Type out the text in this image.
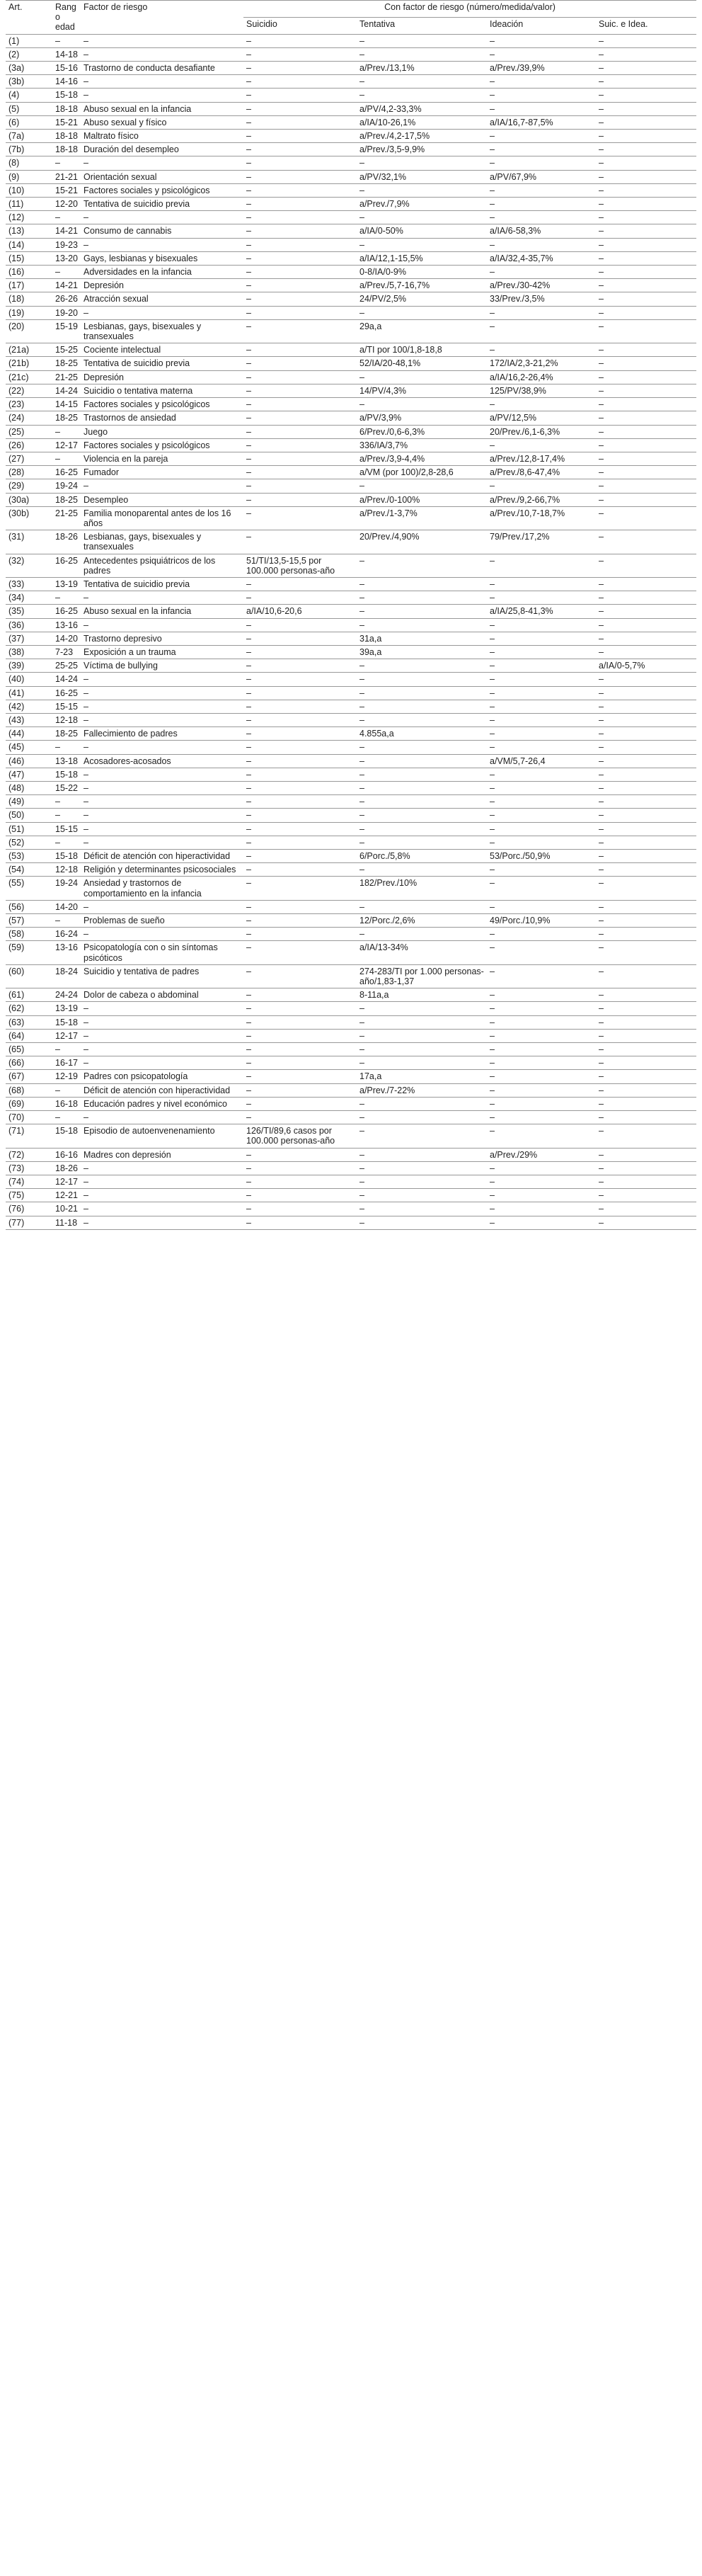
Art.	Rango edad	Factor de riesgo	Con factor de riesgo (número/medida/valor)			
			Suicidio	Tentativa	Ideación	Suic. e Idea.
(1)	–	–	–	–	–	–
(2)	14-18	–	–	–	–	–
(3a)	15-16	Trastorno de conducta desafiante	–	a/Prev./13,1%	a/Prev./39,9%	–
(3b)	14-16	–	–	–	–	–
(4)	15-18	–	–	–	–	–
(5)	18-18	Abuso sexual en la infancia	–	a/PV/4,2-33,3%	–	–
(6)	15-21	Abuso sexual y físico	–	a/IA/10-26,1%	a/IA/16,7-87,5%	–
(7a)	18-18	Maltrato físico	–	a/Prev./4,2-17,5%	–	–
(7b)	18-18	Duración del desempleo	–	a/Prev./3,5-9,9%	–	–
(8)	–	–	–	–	–	–
(9)	21-21	Orientación sexual	–	a/PV/32,1%	a/PV/67,9%	–
(10)	15-21	Factores sociales y psicológicos	–	–	–	–
(11)	12-20	Tentativa de suicidio previa	–	a/Prev./7,9%	–	–
(12)	–	–	–	–	–	–
(13)	14-21	Consumo de cannabis	–	a/IA/0-50%	a/IA/6-58,3%	–
(14)	19-23	–	–	–	–	–
(15)	13-20	Gays, lesbianas y bisexuales	–	a/IA/12,1-15,5%	a/IA/32,4-35,7%	–
(16)	–	Adversidades en la infancia	–	0-8/IA/0-9%	–	–
(17)	14-21	Depresión	–	a/Prev./5,7-16,7%	a/Prev./30-42%	–
(18)	26-26	Atracción sexual	–	24/PV/2,5%	33/Prev./3,5%	–
(19)	19-20	–	–	–	–	–
(20)	15-19	Lesbianas, gays, bisexuales y transexuales	–	29a,a	–	–
(21a)	15-25	Cociente intelectual	–	a/TI por 100/1,8-18,8	–	–
(21b)	18-25	Tentativa de suicidio previa	–	52/IA/20-48,1%	172/IA/2,3-21,2%	–
(21c)	21-25	Depresión	–	–	a/IA/16,2-26,4%	–
(22)	14-24	Suicidio o tentativa materna	–	14/PV/4,3%	125/PV/38,9%	–
(23)	14-15	Factores sociales y psicológicos	–	–	–	–
(24)	18-25	Trastornos de ansiedad	–	a/PV/3,9%	a/PV/12,5%	–
(25)	–	Juego	–	6/Prev./0,6-6,3%	20/Prev./6,1-6,3%	–
(26)	12-17	Factores sociales y psicológicos	–	336/IA/3,7%	–	–
(27)	–	Violencia en la pareja	–	a/Prev./3,9-4,4%	a/Prev./12,8-17,4%	–
(28)	16-25	Fumador	–	a/VM (por 100)/2,8-28,6	a/Prev./8,6-47,4%	–
(29)	19-24	–	–	–	–	–
(30a)	18-25	Desempleo	–	a/Prev./0-100%	a/Prev./9,2-66,7%	–
(30b)	21-25	Familia monoparental antes de los 16 años	–	a/Prev./1-3,7%	a/Prev./10,7-18,7%	–
(31)	18-26	Lesbianas, gays, bisexuales y transexuales	–	20/Prev./4,90%	79/Prev./17,2%	–
(32)	16-25	Antecedentes psiquiátricos de los padres	51/TI/13,5-15,5 por 100.000 personas-año	–	–	–
(33)	13-19	Tentativa de suicidio previa	–	–	–	–
(34)	–	–	–	–	–	–
(35)	16-25	Abuso sexual en la infancia	a/IA/10,6-20,6	–	a/IA/25,8-41,3%	–
(36)	13-16	–	–	–	–	–
(37)	14-20	Trastorno depresivo	–	31a,a	–	–
(38)	7-23	Exposición a un trauma	–	39a,a	–	–
(39)	25-25	Víctima de bullying	–	–	–	a/IA/0-5,7%
(40)	14-24	–	–	–	–	–
(41)	16-25	–	–	–	–	–
(42)	15-15	–	–	–	–	–
(43)	12-18	–	–	–	–	–
(44)	18-25	Fallecimiento de padres	–	4.855a,a	–	–
(45)	–	–	–	–	–	–
(46)	13-18	Acosadores-acosados	–	–	a/VM/5,7-26,4	–
(47)	15-18	–	–	–	–	–
(48)	15-22	–	–	–	–	–
(49)	–	–	–	–	–	–
(50)	–	–	–	–	–	–
(51)	15-15	–	–	–	–	–
(52)	–	–	–	–	–	–
(53)	15-18	Déficit de atención con hiperactividad	–	6/Porc./5,8%	53/Porc./50,9%	–
(54)	12-18	Religión y determinantes psicosociales	–	–	–	–
(55)	19-24	Ansiedad y trastornos de comportamiento en la infancia	–	182/Prev./10%	–	–
(56)	14-20	–	–	–	–	–
(57)	–	Problemas de sueño	–	12/Porc./2,6%	49/Porc./10,9%	–
(58)	16-24	–	–	–	–	–
(59)	13-16	Psicopatología con o sin síntomas psicóticos	–	a/IA/13-34%	–	–
(60)	18-24	Suicidio y tentativa de padres	–	274-283/TI por 1.000 personas-año/1,83-1,37	–	–
(61)	24-24	Dolor de cabeza o abdominal	–	8-11a,a	–	–
(62)	13-19	–	–	–	–	–
(63)	15-18	–	–	–	–	–
(64)	12-17	–	–	–	–	–
(65)	–	–	–	–	–	–
(66)	16-17	–	–	–	–	–
(67)	12-19	Padres con psicopatología	–	17a,a	–	–
(68)	–	Déficit de atención con hiperactividad	–	a/Prev./7-22%	–	–
(69)	16-18	Educación padres y nivel económico	–	–	–	–
(70)	–	–	–	–	–	–
(71)	15-18	Episodio de autoenvenenamiento	126/TI/89,6 casos por 100.000 personas-año	–	–	–
(72)	16-16	Madres con depresión	–	–	a/Prev./29%	–
(73)	18-26	–	–	–	–	–
(74)	12-17	–	–	–	–	–
(75)	12-21	–	–	–	–	–
(76)	10-21	–	–	–	–	–
(77)	11-18	–	–	–	–	–
